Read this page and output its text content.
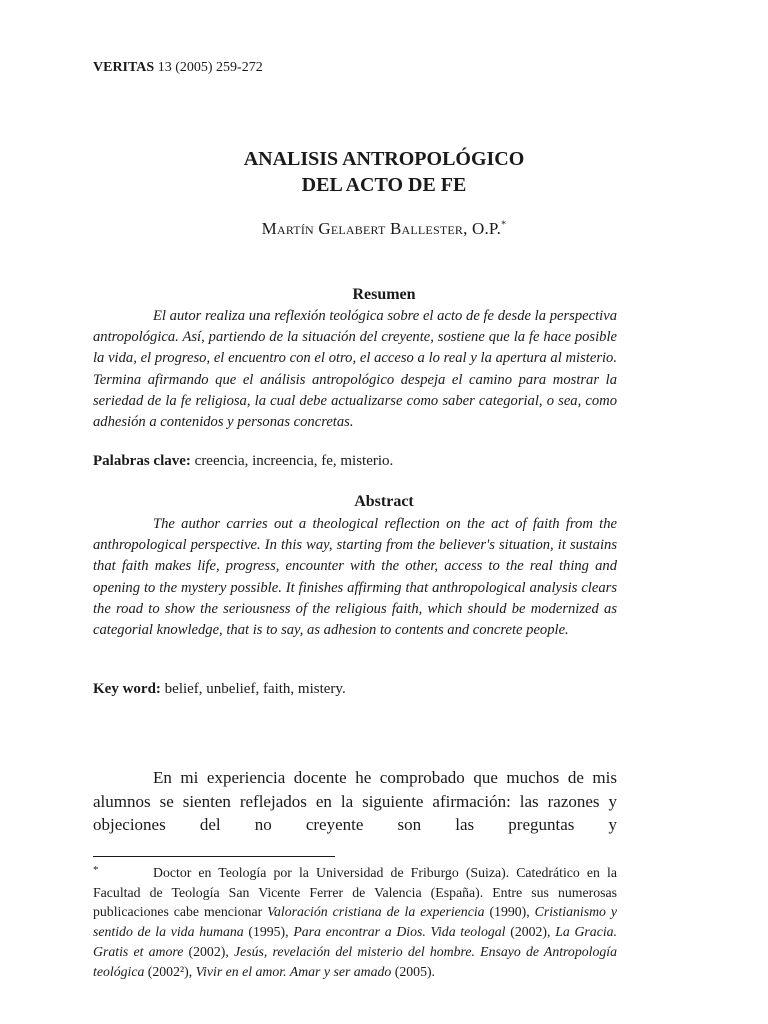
VERITAS 13 (2005) 259-272
ANALISIS ANTROPOLÓGICO
DEL ACTO DE FE
Martín Gelabert Ballester, O.P.*
Resumen

El autor realiza una reflexión teológica sobre el acto de fe desde la perspectiva antropológica. Así, partiendo de la situación del creyente, sostiene que la fe hace posible la vida, el progreso, el encuentro con el otro, el acceso a lo real y la apertura al misterio. Termina afirmando que el análisis antropológico despeja el camino para mostrar la seriedad de la fe religiosa, la cual debe actualizarse como saber categorial, o sea, como adhesión a contenidos y personas concretas.

Palabras clave: creencia, increencia, fe, misterio.
Abstract

The author carries out a theological reflection on the act of faith from the anthropological perspective. In this way, starting from the believer's situation, it sustains that faith makes life, progress, encounter with the other, access to the real thing and opening to the mystery possible. It finishes affirming that anthropological analysis clears the road to show the seriousness of the religious faith, which should be modernized as categorial knowledge, that is to say, as adhesion to contents and concrete people.

Key word: belief, unbelief, faith, mistery.

En mi experiencia docente he comprobado que muchos de mis alumnos se sienten reflejados en la siguiente afirmación: las razones y objeciones del no creyente son las preguntas y

*	Doctor en Teología por la Universidad de Friburgo (Suiza). Catedrático en la Facultad de Teología San Vicente Ferrer de Valencia (España). Entre sus numerosas publicaciones cabe mencionar Valoración cristiana de la experiencia (1990), Cristianismo y sentido de la vida humana (1995), Para encontrar a Dios. Vida teologal (2002), La Gracia. Gratis et amore (2002), Jesús, revelación del misterio del hombre. Ensayo de Antropología teológica (2002²), Vivir en el amor. Amar y ser amado (2005).
